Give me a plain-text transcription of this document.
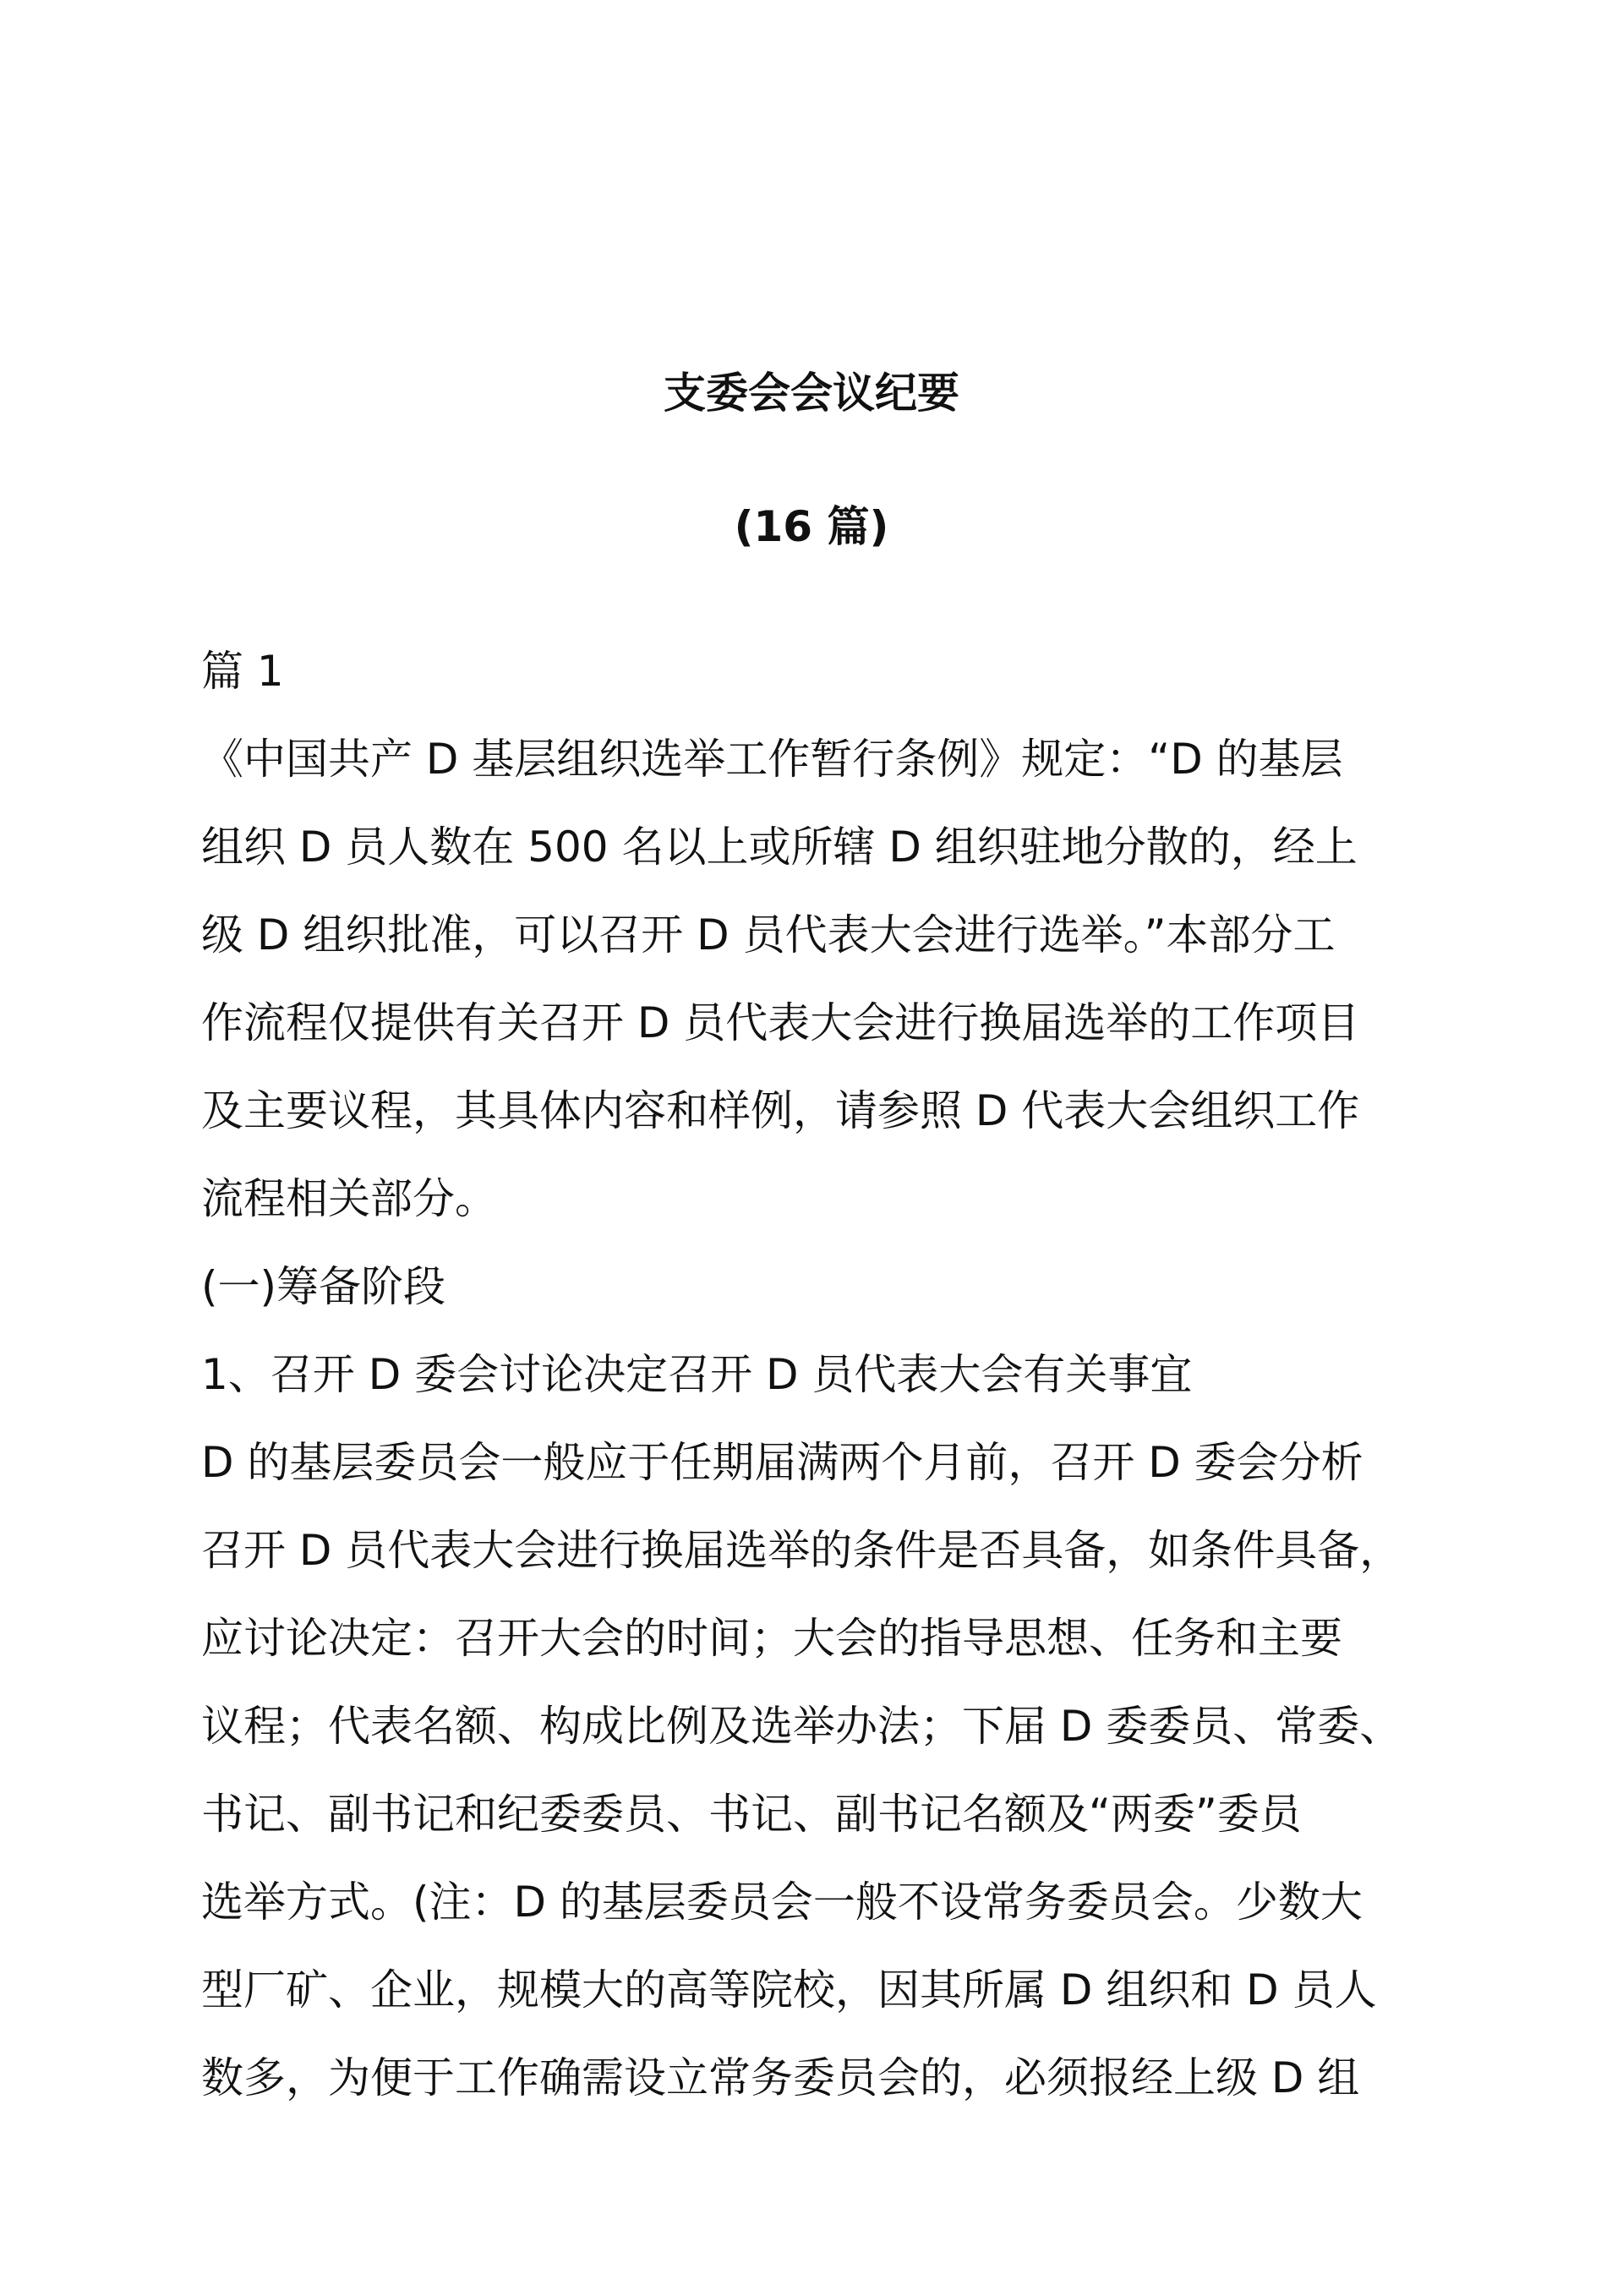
支委会会议纪要
(16 篇)

篇 1

《中国共产 D 基层组织选举工作暂行条例》规定：“D 的基层

组织 D 员人数在 500 名以上或所辖 D 组织驻地分散的，经上

级 D 组织批准，可以召开 D 员代表大会进行选举。”本部分工

作流程仅提供有关召开 D 员代表大会进行换届选举的工作项目

及主要议程，其具体内容和样例，请参照 D 代表大会组织工作

流程相关部分。

(一)筹备阶段

1、召开 D 委会讨论决定召开 D 员代表大会有关事宜

D 的基层委员会一般应于任期届满两个月前，召开 D 委会分析

召开 D 员代表大会进行换届选举的条件是否具备，如条件具备，

应讨论决定：召开大会的时间；大会的指导思想、任务和主要

议程；代表名额、构成比例及选举办法；下届 D 委委员、常委、

书记、副书记和纪委委员、书记、副书记名额及“两委”委员

选举方式。(注：D 的基层委员会一般不设常务委员会。少数大

型厂矿、企业，规模大的高等院校，因其所属 D 组织和 D 员人

数多，为便于工作确需设立常务委员会的，必须报经上级 D 组
